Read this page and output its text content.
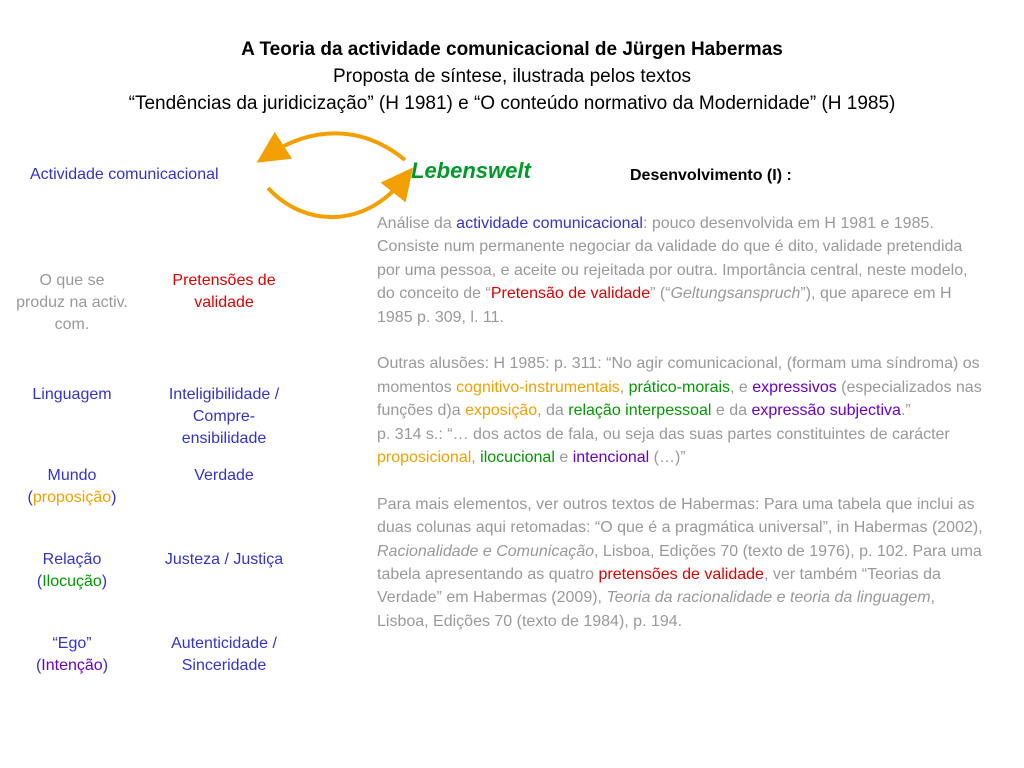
A Teoria da actividade comunicacional de Jürgen Habermas
Proposta de síntese, ilustrada pelos textos
“Tendências da juridicização” (H 1981) e “O conteúdo normativo da Modernidade” (H 1985)
Lebenswelt
Actividade comunicacional
O que se produz na activ. com.
Pretensões de validade
Linguagem	Inteligibilidade / Compre-ensibilidade
Mundo
(proposição)
Verdade
Relação
(Ilocução)
Justeza / Justiça
“Ego”
(Intenção)
Autenticidade / Sinceridade
Desenvolvimento (I) :

Análise da actividade comunicacional: pouco desenvolvida em H 1981 e 1985. Consiste num permanente negociar da validade do que é dito, validade pretendida por uma pessoa, e aceite ou rejeitada por outra. Importância central, neste modelo, do conceito de “Pretensão de validade” (“Geltungsanspruch”), que aparece em H 1985 p. 309, l. 11.

Outras alusões: H 1985: p. 311: “No agir comunicacional, (formam uma síndroma) os momentos cognitivo-instrumentais, prático-morais, e expressivos (especializados nas funções d)a exposição, da relação interpessoal e da expressão subjectiva.”

p. 314 s.: “… dos actos de fala, ou seja das suas partes constituintes de carácter proposicional, ilocucional e intencional (…)”

Para mais elementos, ver outros textos de Habermas: Para uma tabela que inclui as duas colunas aqui retomadas: “O que é a pragmática universal”, in Habermas (2002), Racionalidade e Comunicação, Lisboa, Edições 70 (texto de 1976), p. 102. Para uma tabela apresentando as quatro pretensões de validade, ver também “Teorias da Verdade” em Habermas (2009), Teoria da racionalidade e teoria da linguagem, Lisboa, Edições 70 (texto de 1984), p. 194.
